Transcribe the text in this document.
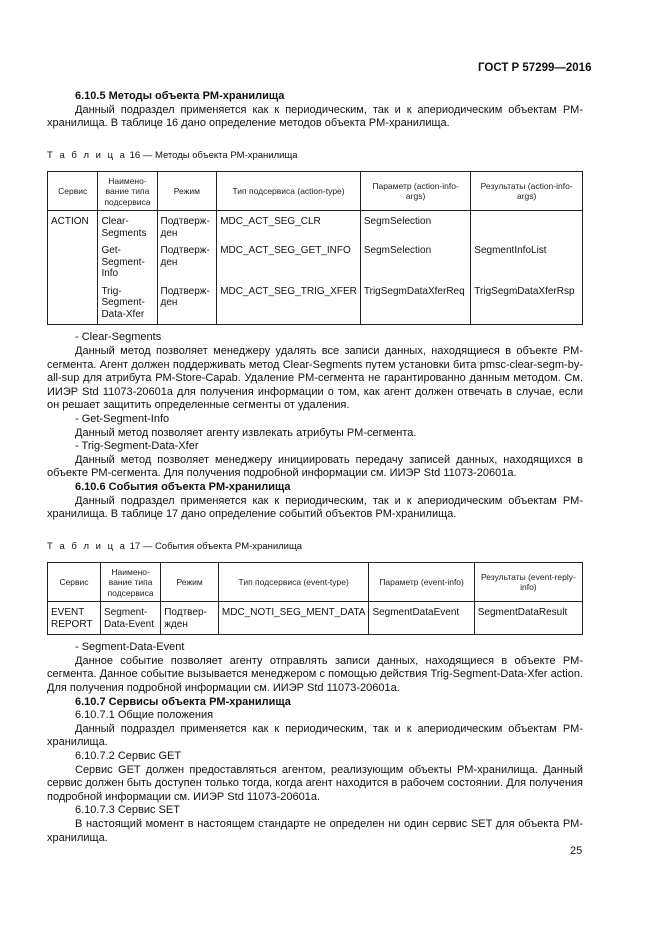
ГОСТ Р 57299—2016

6.10.5 Методы объекта PM-хранилища

Данный подраздел применяется как к периодическим, так и к апериодическим объектам PM-хранилища. В таблице 16 дано определение методов объекта PM-хранилища.

Т а б л и ц а 16 — Методы объекта PM-хранилища
Сервис	Наимено-вание типа подсервиса	Режим	Тип подсервиса (action-type)	Параметр (action-info-args)	Результаты (action-info-args)
ACTION	Clear-Segments	Подтверж-ден	MDC_ACT_SEG_CLR	SegmSelection	
	Get-Segment-Info	Подтверж-ден	MDC_ACT_SEG_GET_INFO	SegmSelection	SegmentInfoList
	Trig-Segment-Data-Xfer	Подтверж-ден	MDC_ACT_SEG_TRIG_XFER	TrigSegmDataXferReq	TrigSegmDataXferRsp

- Clear-Segments

Данный метод позволяет менеджеру удалять все записи данных, находящиеся в объекте PM-сегмента. Агент должен поддерживать метод Clear-Segments путем установки бита pmsc-clear-segm-by-all-sup для атрибута PM-Store-Capab. Удаление PM-сегмента не гарантированно данным методом. См. ИИЭР Std 11073-20601a для получения информации о том, как агент должен отвечать в случае, если он решает защитить определенные сегменты от удаления.

- Get-Segment-Info

Данный метод позволяет агенту извлекать атрибуты PM-сегмента.

- Trig-Segment-Data-Xfer

Данный метод позволяет менеджеру инициировать передачу записей данных, находящихся в объекте PM-сегмента. Для получения подробной информации см. ИИЭР Std 11073-20601a.

6.10.6 События объекта PM-хранилища

Данный подраздел применяется как к периодическим, так и к апериодическим объектам PM-хранилища. В таблице 17 дано определение событий объектов PM-хранилища.

Т а б л и ц а 17 — События объекта PM-хранилища
Сервис	Наимено-вание типа подсервиса	Режим	Тип подсервиса (event-type)	Параметр (event-info)	Результаты (event-reply-info)
EVENT REPORT	Segment-Data-Event	Подтвер-жден	MDC_NOTI_SEG_MENT_DATA	SegmentDataEvent	SegmentDataResult

- Segment-Data-Event

Данное событие позволяет агенту отправлять записи данных, находящиеся в объекте PM-сегмента. Данное событие вызывается менеджером с помощью действия Trig-Segment-Data-Xfer action. Для получения подробной информации см. ИИЭР Std 11073-20601a.

6.10.7 Сервисы объекта PM-хранилища

6.10.7.1 Общие положения

Данный подраздел применяется как к периодическим, так и к апериодическим объектам PM-хранилища.

6.10.7.2 Сервис GET

Сервис GET должен предоставляться агентом, реализующим объекты PM-хранилища. Данный сервис должен быть доступен только тогда, когда агент находится в рабочем состоянии. Для получения подробной информации см. ИИЭР Std 11073-20601a.

6.10.7.3 Сервис SET

В настоящий момент в настоящем стандарте не определен ни один сервис SET для объекта PM-хранилища.

25
